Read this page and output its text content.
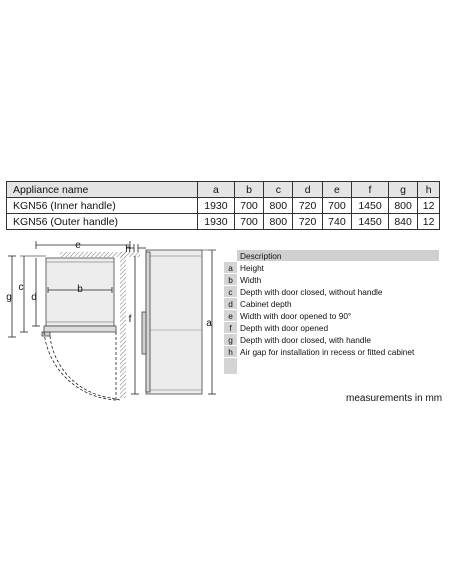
Appliance name	a	b	c	d	e	f	g	h
KGN56 (Inner handle)	1930	700	800	720	700	1450	800	12
KGN56 (Outer handle)	1930	700	800	720	740	1450	840	12
e
b
g
c
d
h
f	a
	Description
a	Height
b	Width
c	Depth with door closed, without handle
d	Cabinet depth
e	Width with door opened to 90°
f	Depth with door opened
g	Depth with door closed, with handle
h	Air gap for installation in recess or fitted cabinet

measurements in mm
